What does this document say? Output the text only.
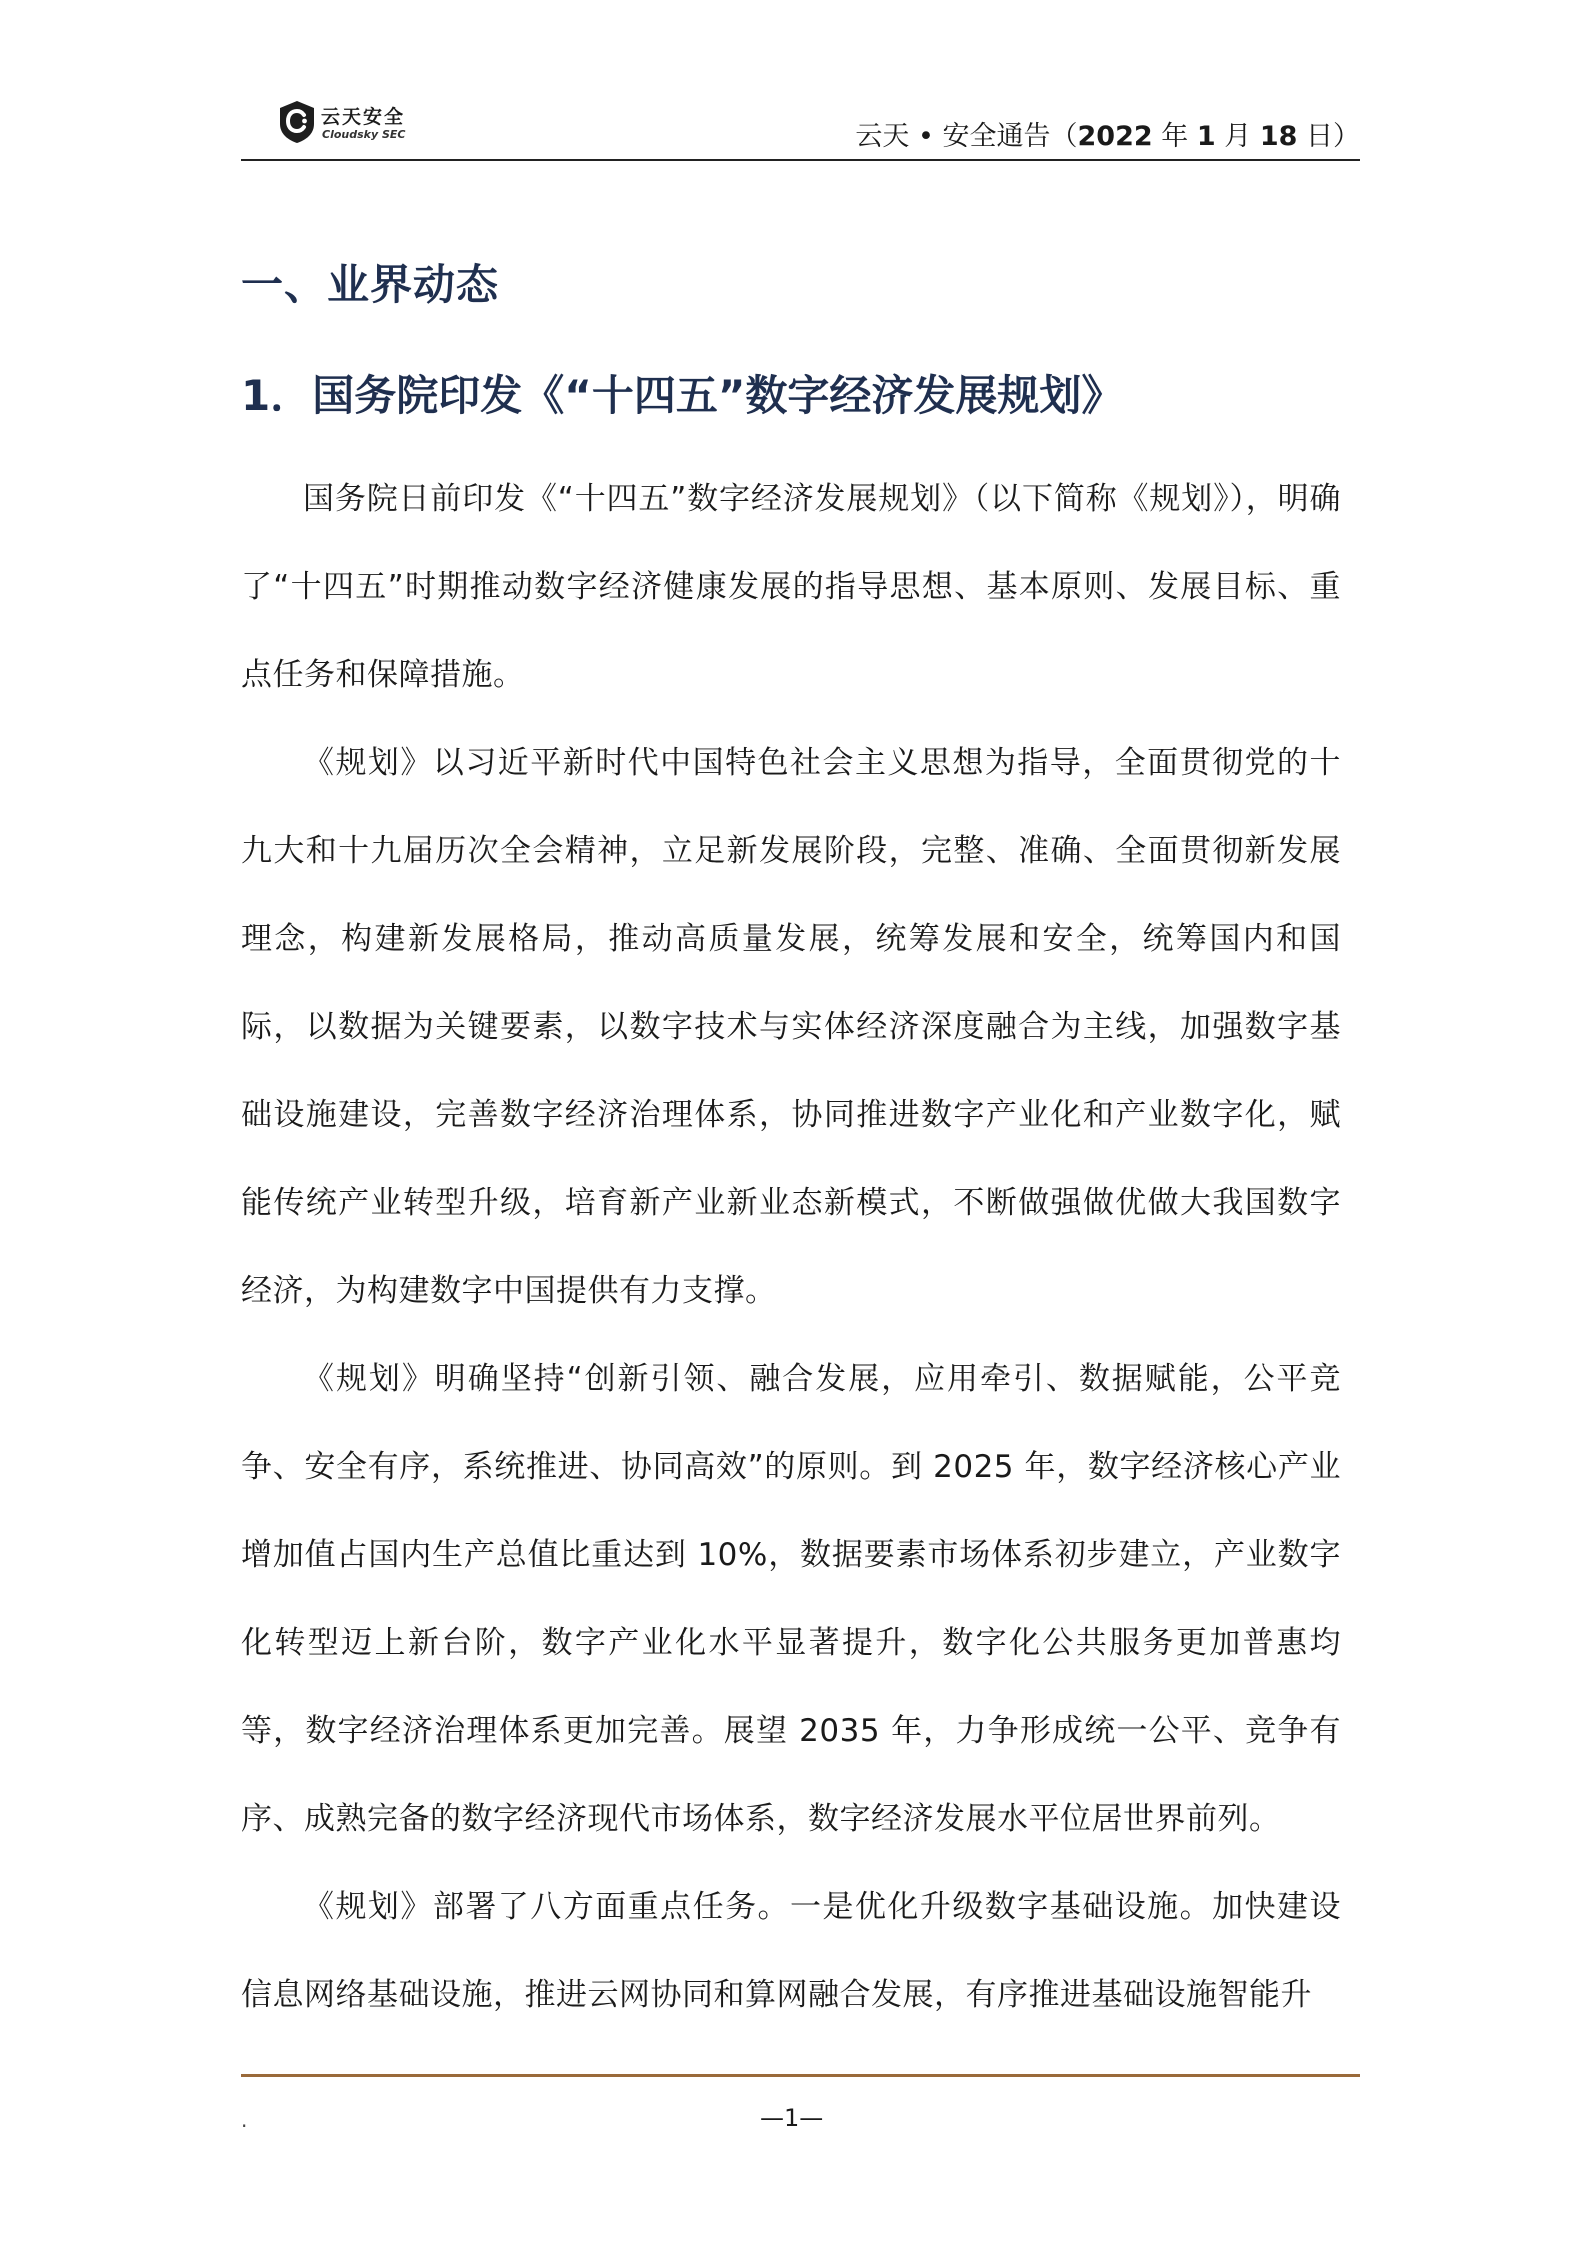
云天安全
Cloudsky SEC	云天 • 安全通告（2022 年 1 月 18 日）
一、业界动态
1．国务院印发《“十四五”数字经济发展规划》

国务院日前印发《“十四五”数字经济发展规划》（以下简称《规划》），明确了“十四五”时期推动数字经济健康发展的指导思想、基本原则、发展目标、重点任务和保障措施。

《规划》以习近平新时代中国特色社会主义思想为指导，全面贯彻党的十九大和十九届历次全会精神，立足新发展阶段，完整、准确、全面贯彻新发展理念，构建新发展格局，推动高质量发展，统筹发展和安全，统筹国内和国际，以数据为关键要素，以数字技术与实体经济深度融合为主线，加强数字基础设施建设，完善数字经济治理体系，协同推进数字产业化和产业数字化，赋能传统产业转型升级，培育新产业新业态新模式，不断做强做优做大我国数字经济，为构建数字中国提供有力支撑。

《规划》明确坚持“创新引领、融合发展，应用牵引、数据赋能，公平竞争、安全有序，系统推进、协同高效”的原则。到 2025 年，数字经济核心产业增加值占国内生产总值比重达到 10%，数据要素市场体系初步建立，产业数字化转型迈上新台阶，数字产业化水平显著提升，数字化公共服务更加普惠均等，数字经济治理体系更加完善。展望 2035 年，力争形成统一公平、竞争有序、成熟完备的数字经济现代市场体系，数字经济发展水平位居世界前列。

《规划》部署了八方面重点任务。一是优化升级数字基础设施。加快建设信息网络基础设施，推进云网协同和算网融合发展，有序推进基础设施智能升

.	—1—
